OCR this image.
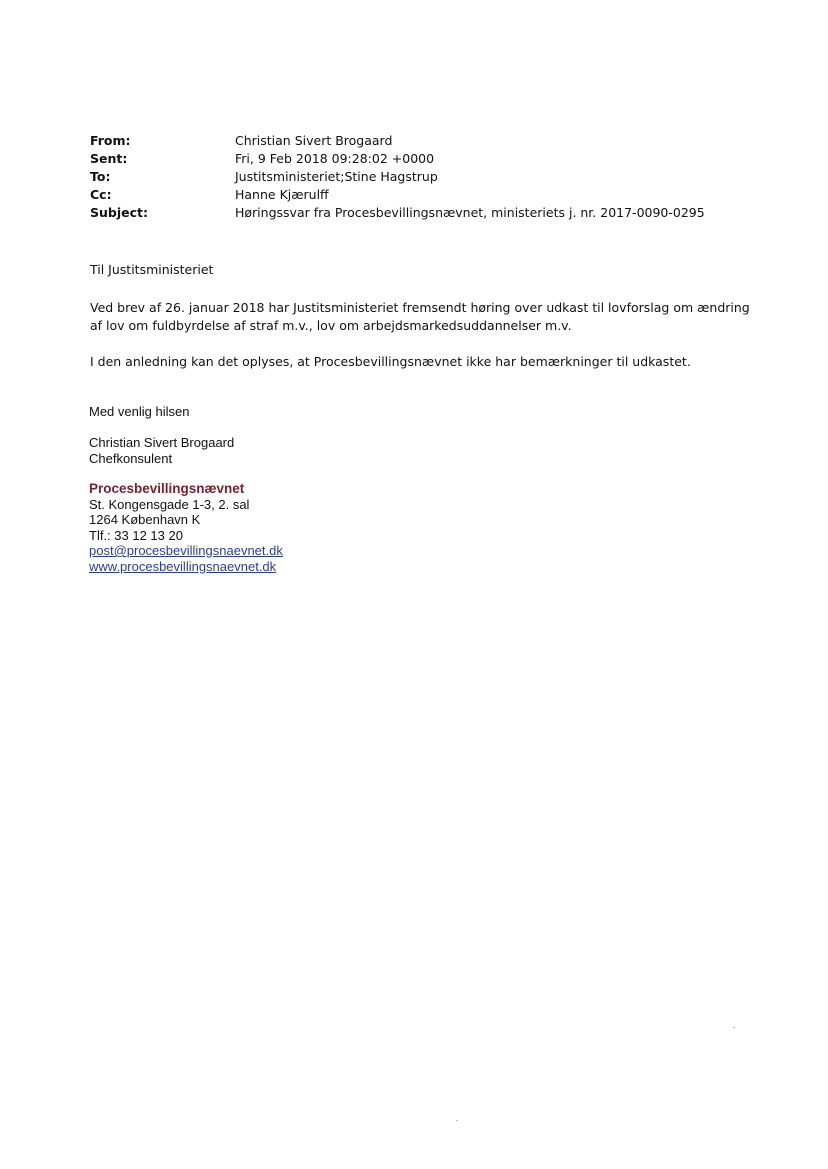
From:	Christian Sivert Brogaard
Sent:	Fri, 9 Feb 2018 09:28:02 +0000
To:	Justitsministeriet;Stine Hagstrup
Cc:	Hanne Kjærulff
Subject:	Høringssvar fra Procesbevillingsnævnet, ministeriets j. nr. 2017-0090-0295

Til Justitsministeriet

Ved brev af 26. januar 2018 har Justitsministeriet fremsendt høring over udkast til lovforslag om ændring af lov om fuldbyrdelse af straf m.v., lov om arbejdsmarkedsuddannelser m.v.

I den anledning kan det oplyses, at Procesbevillingsnævnet ikke har bemærkninger til udkastet.

Med venlig hilsen

Christian Sivert Brogaard
Chefkonsulent
Procesbevillingsnævnet
St. Kongensgade 1-3, 2. sal
1264 København K
Tlf.: 33 12 13 20
post@procesbevillingsnaevnet.dk
www.procesbevillingsnaevnet.dk
